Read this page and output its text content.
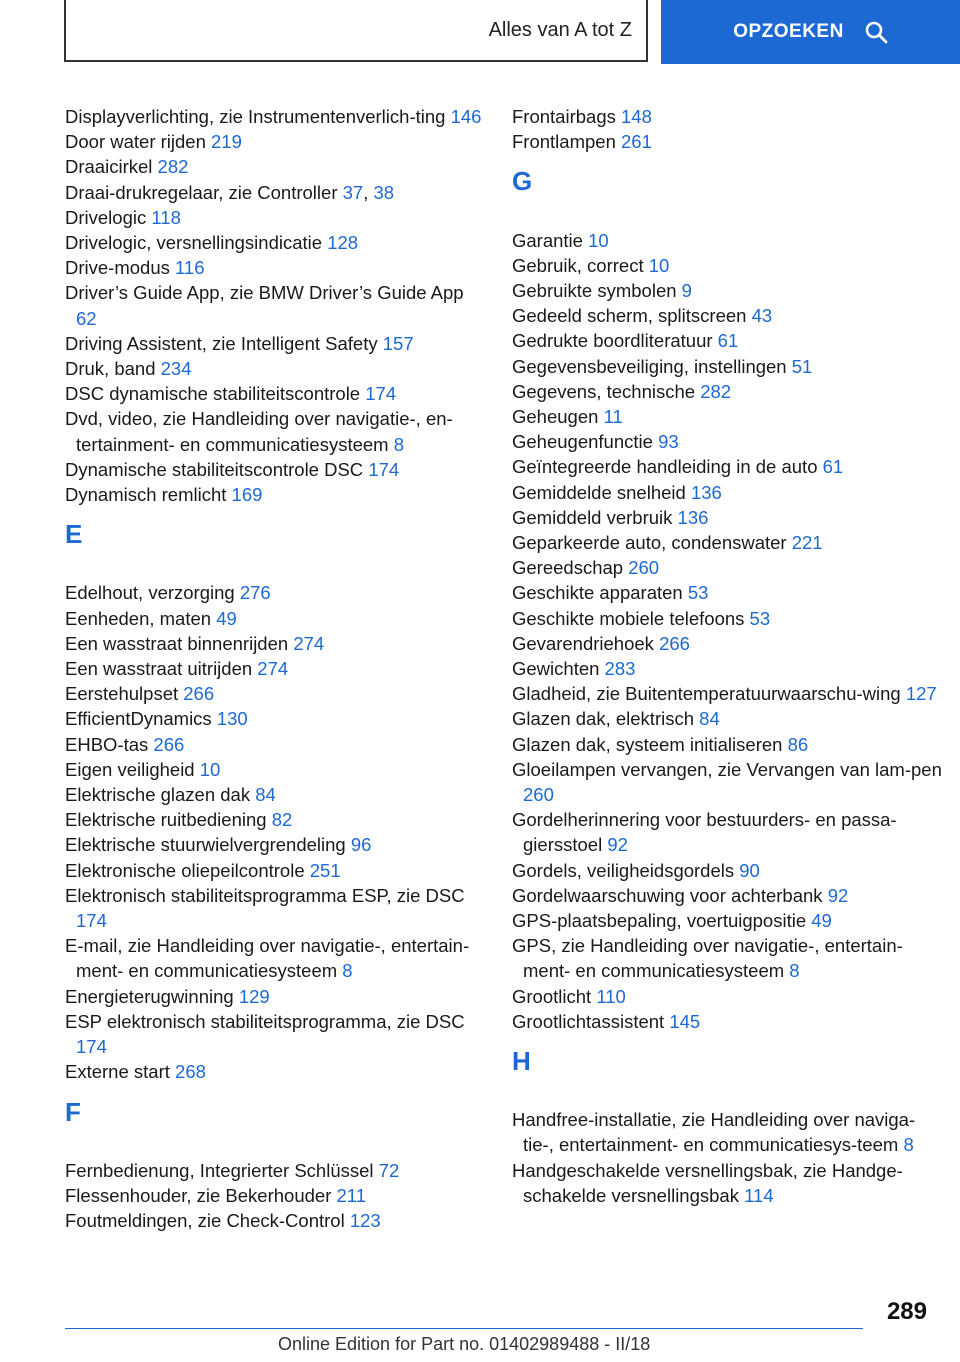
Alles van A tot Z	OPZOEKEN
Displayverlichting, zie Instrumentenverlich‐ting 146
Door water rijden 219
Draaicirkel 282
Draai-drukregelaar, zie Controller 37, 38
Drivelogic 118
Drivelogic, versnellingsindicatie 128
Drive-modus 116
Driver’s Guide App, zie BMW Driver’s Guide App 62
Driving Assistent, zie Intelligent Safety 157
Druk, band 234
DSC dynamische stabiliteitscontrole 174
Dvd, video, zie Handleiding over navigatie-, en‐tertainment- en communicatiesysteem 8
Dynamische stabiliteitscontrole DSC 174
Dynamisch remlicht 169
E
Edelhout, verzorging 276
Eenheden, maten 49
Een wasstraat binnenrijden 274
Een wasstraat uitrijden 274
Eerstehulpset 266
EfficientDynamics 130
EHBO-tas 266
Eigen veiligheid 10
Elektrische glazen dak 84
Elektrische ruitbediening 82
Elektrische stuurwielvergrendeling 96
Elektronische oliepeilcontrole 251
Elektronisch stabiliteitsprogramma ESP, zie DSC 174
E-mail, zie Handleiding over navigatie-, entertain‐ment- en communicatiesysteem 8
Energieterugwinning 129
ESP elektronisch stabiliteitsprogramma, zie DSC 174
Externe start 268
F
Fernbedienung, Integrierter Schlüssel 72
Flessenhouder, zie Bekerhouder 211
Foutmeldingen, zie Check-Control 123
Frontairbags 148
Frontlampen 261
G
Garantie 10
Gebruik, correct 10
Gebruikte symbolen 9
Gedeeld scherm, splitscreen 43
Gedrukte boordliteratuur 61
Gegevensbeveiliging, instellingen 51
Gegevens, technische 282
Geheugen 11
Geheugenfunctie 93
Geïntegreerde handleiding in de auto 61
Gemiddelde snelheid 136
Gemiddeld verbruik 136
Geparkeerde auto, condenswater 221
Gereedschap 260
Geschikte apparaten 53
Geschikte mobiele telefoons 53
Gevarendriehoek 266
Gewichten 283
Gladheid, zie Buitentemperatuurwaarschu‐wing 127
Glazen dak, elektrisch 84
Glazen dak, systeem initialiseren 86
Gloeilampen vervangen, zie Vervangen van lam‐pen 260
Gordelherinnering voor bestuurders- en passa‐giersstoel 92
Gordels, veiligheidsgordels 90
Gordelwaarschuwing voor achterbank 92
GPS-plaatsbepaling, voertuigpositie 49
GPS, zie Handleiding over navigatie-, entertain‐ment- en communicatiesysteem 8
Grootlicht 110
Grootlichtassistent 145
H
Handfree-installatie, zie Handleiding over naviga‐tie-, entertainment- en communicatiesys‐teem 8
Handgeschakelde versnellingsbak, zie Handge‐schakelde versnellingsbak 114
289
Online Edition for Part no. 01402989488 - II/18
